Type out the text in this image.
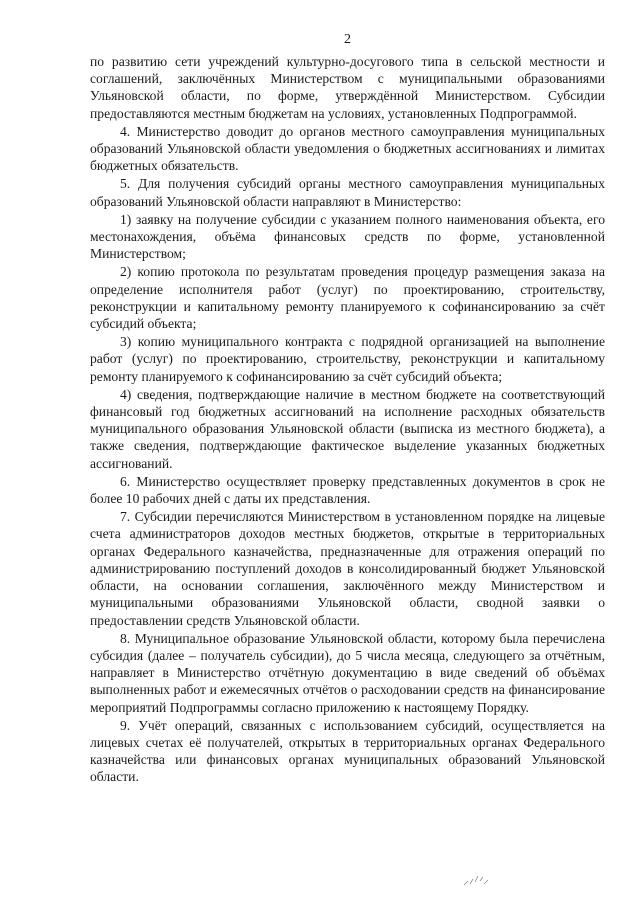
2

по развитию сети учреждений культурно-досугового типа в сельской местности и соглашений, заключённых Министерством с муниципальными образованиями Ульяновской области, по форме, утверждённой Министерством. Субсидии предоставляются местным бюджетам на условиях, установленных Подпрограммой.

4. Министерство доводит до органов местного самоуправления муниципальных образований Ульяновской области уведомления о бюджетных ассигнованиях и лимитах бюджетных обязательств.

5. Для получения субсидий органы местного самоуправления муниципальных образований Ульяновской области направляют в Министерство:

1) заявку на получение субсидии с указанием полного наименования объекта, его местонахождения, объёма финансовых средств по форме, установленной Министерством;

2) копию протокола по результатам проведения процедур размещения заказа на определение исполнителя работ (услуг) по проектированию, строительству, реконструкции и капитальному ремонту планируемого к софинансированию за счёт субсидий объекта;

3) копию муниципального контракта с подрядной организацией на выполнение работ (услуг) по проектированию, строительству, реконструкции и капитальному ремонту планируемого к софинансированию за счёт субсидий объекта;

4) сведения, подтверждающие наличие в местном бюджете на соответствующий финансовый год бюджетных ассигнований на исполнение расходных обязательств муниципального образования Ульяновской области (выписка из местного бюджета), а также сведения, подтверждающие фактическое выделение указанных бюджетных ассигнований.

6. Министерство осуществляет проверку представленных документов в срок не более 10 рабочих дней с даты их представления.

7. Субсидии перечисляются Министерством в установленном порядке на лицевые счета администраторов доходов местных бюджетов, открытые в территориальных органах Федерального казначейства, предназначенные для отражения операций по администрированию поступлений доходов в консолидированный бюджет Ульяновской области, на основании соглашения, заключённого между Министерством и муниципальными образованиями Ульяновской области, сводной заявки о предоставлении средств Ульяновской области.

8. Муниципальное образование Ульяновской области, которому была перечислена субсидия (далее – получатель субсидии), до 5 числа месяца, следующего за отчётным, направляет в Министерство отчётную документацию в виде сведений об объёмах выполненных работ и ежемесячных отчётов о расходовании средств на финансирование мероприятий Подпрограммы согласно приложению к настоящему Порядку.

9. Учёт операций, связанных с использованием субсидий, осуществляется на лицевых счетах её получателей, открытых в территориальных органах Федерального казначейства или финансовых органах муниципальных образований Ульяновской области.
